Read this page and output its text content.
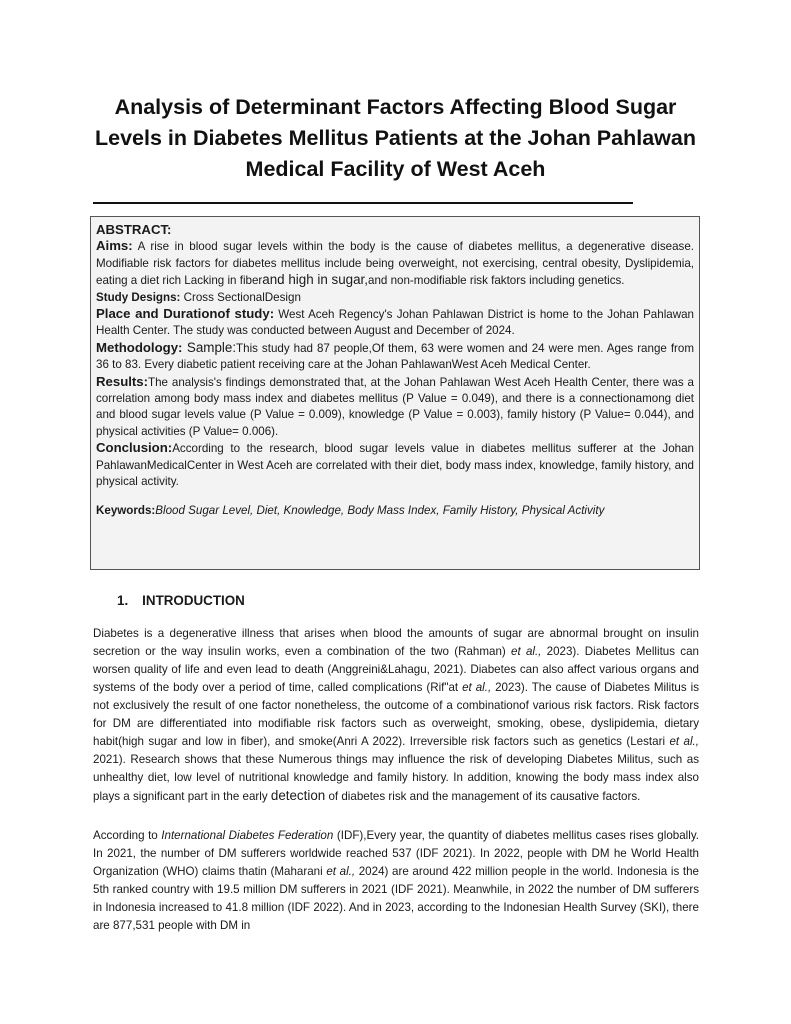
Analysis of Determinant Factors Affecting Blood Sugar Levels in Diabetes Mellitus Patients at the Johan Pahlawan Medical Facility of West Aceh

ABSTRACT:

Aims: A rise in blood sugar levels within the body is the cause of diabetes mellitus, a degenerative disease. Modifiable risk factors for diabetes mellitus include being overweight, not exercising, central obesity, Dyslipidemia, eating a diet rich Lacking in fiberand high in sugar,and non-modifiable risk faktors including genetics.

Study Designs: Cross SectionalDesign

Place and Durationof study: West Aceh Regency's Johan Pahlawan District is home to the Johan Pahlawan Health Center. The study was conducted between August and December of 2024.

Methodology: Sample:This study had 87 people,Of them, 63 were women and 24 were men. Ages range from 36 to 83. Every diabetic patient receiving care at the Johan PahlawanWest Aceh Medical Center.

Results:The analysis's findings demonstrated that, at the Johan Pahlawan West Aceh Health Center, there was a correlation among body mass index and diabetes mellitus (P Value = 0.049), and there is a connectionamong diet and blood sugar levels value (P Value = 0.009), knowledge (P Value = 0.003), family history (P Value= 0.044), and physical activities (P Value= 0.006).

Conclusion:According to the research, blood sugar levels value in diabetes mellitus sufferer at the Johan PahlawanMedicalCenter in West Aceh are correlated with their diet, body mass index, knowledge, family history, and physical activity.

Keywords:Blood Sugar Level, Diet, Knowledge, Body Mass Index, Family History, Physical Activity

1. INTRODUCTION

Diabetes is a degenerative illness that arises when blood the amounts of sugar are abnormal brought on insulin secretion or the way insulin works, even a combination of the two (Rahman) et al., 2023). Diabetes Mellitus can worsen quality of life and even lead to death (Anggreini&Lahagu, 2021). Diabetes can also affect various organs and systems of the body over a period of time, called complications (Rif"at et al., 2023). The cause of Diabetes Militus is not exclusively the result of one factor nonetheless, the outcome of a combinationof various risk factors. Risk factors for DM are differentiated into modifiable risk factors such as overweight, smoking, obese, dyslipidemia, dietary habit(high sugar and low in fiber), and smoke(Anri A 2022). Irreversible risk factors such as genetics (Lestari et al., 2021). Research shows that these Numerous things may influence the risk of developing Diabetes Militus, such as unhealthy diet, low level of nutritional knowledge and family history. In addition, knowing the body mass index also plays a significant part in the early detection of diabetes risk and the management of its causative factors.

According to International Diabetes Federation (IDF),Every year, the quantity of diabetes mellitus cases rises globally. In 2021, the number of DM sufferers worldwide reached 537 (IDF 2021). In 2022, people with DM he World Health Organization (WHO) claims thatin (Maharani et al., 2024) are around 422 million people in the world. Indonesia is the 5th ranked country with 19.5 million DM sufferers in 2021 (IDF 2021). Meanwhile, in 2022 the number of DM sufferers in Indonesia increased to 41.8 million (IDF 2022). And in 2023, according to the Indonesian Health Survey (SKI), there are 877,531 people with DM in
